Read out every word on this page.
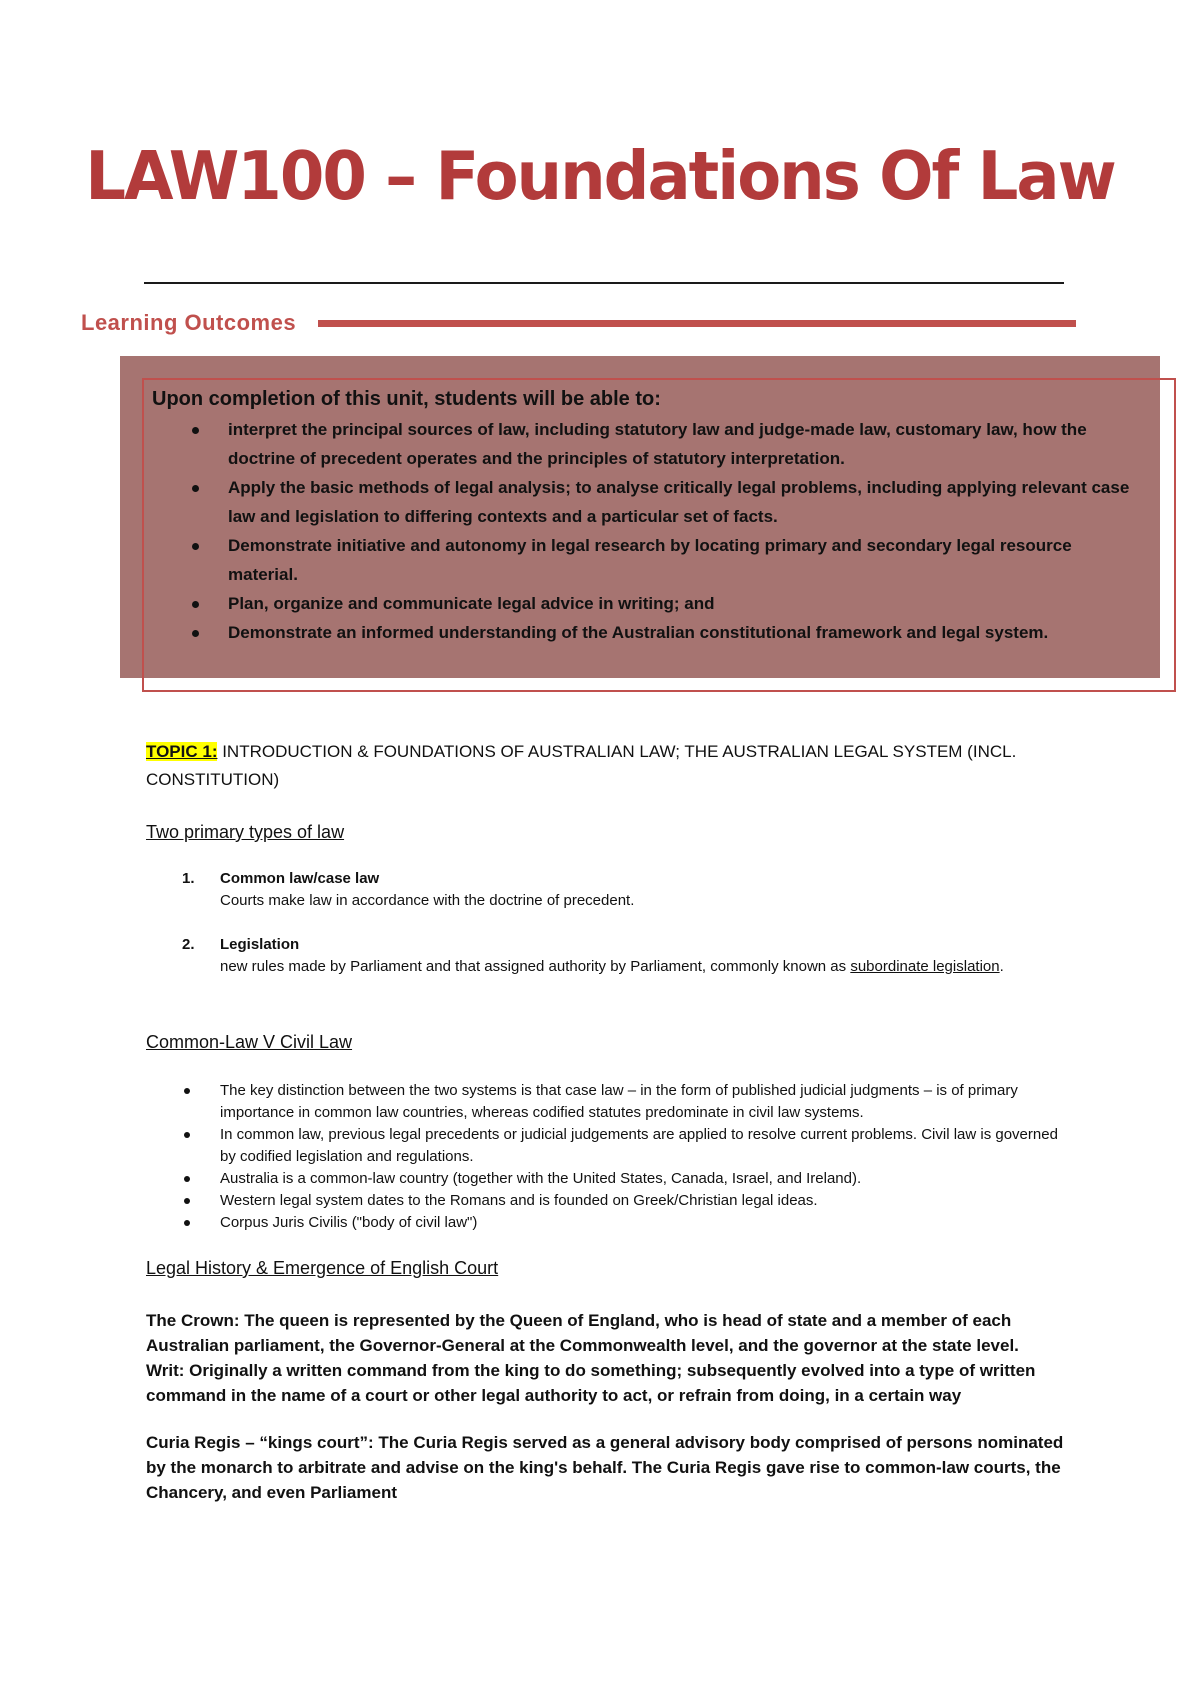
LAW100 – Foundations Of Law
Learning Outcomes

Upon completion of this unit, students will be able to:

interpret the principal sources of law, including statutory law and judge-made law, customary law, how the doctrine of precedent operates and the principles of statutory interpretation.
Apply the basic methods of legal analysis; to analyse critically legal problems, including applying relevant case law and legislation to differing contexts and a particular set of facts.
Demonstrate initiative and autonomy in legal research by locating primary and secondary legal resource material.
Plan, organize and communicate legal advice in writing; and
Demonstrate an informed understanding of the Australian constitutional framework and legal system.

TOPIC 1: INTRODUCTION & FOUNDATIONS OF AUSTRALIAN LAW; THE AUSTRALIAN LEGAL SYSTEM (INCL. CONSTITUTION)

Two primary types of law

1. Common law/case law
Courts make law in accordance with the doctrine of precedent.
2. Legislation
new rules made by Parliament and that assigned authority by Parliament, commonly known as subordinate legislation.

Common-Law V Civil Law

The key distinction between the two systems is that case law – in the form of published judicial judgments – is of primary importance in common law countries, whereas codified statutes predominate in civil law systems.
In common law, previous legal precedents or judicial judgements are applied to resolve current problems. Civil law is governed by codified legislation and regulations.
Australia is a common-law country (together with the United States, Canada, Israel, and Ireland).
Western legal system dates to the Romans and is founded on Greek/Christian legal ideas.
Corpus Juris Civilis ("body of civil law")

Legal History & Emergence of English Court

The Crown: The queen is represented by the Queen of England, who is head of state and a member of each Australian parliament, the Governor-General at the Commonwealth level, and the governor at the state level.

Writ: Originally a written command from the king to do something; subsequently evolved into a type of written command in the name of a court or other legal authority to act, or refrain from doing, in a certain way

Curia Regis – “kings court”: The Curia Regis served as a general advisory body comprised of persons nominated by the monarch to arbitrate and advise on the king's behalf. The Curia Regis gave rise to common-law courts, the Chancery, and even Parliament
